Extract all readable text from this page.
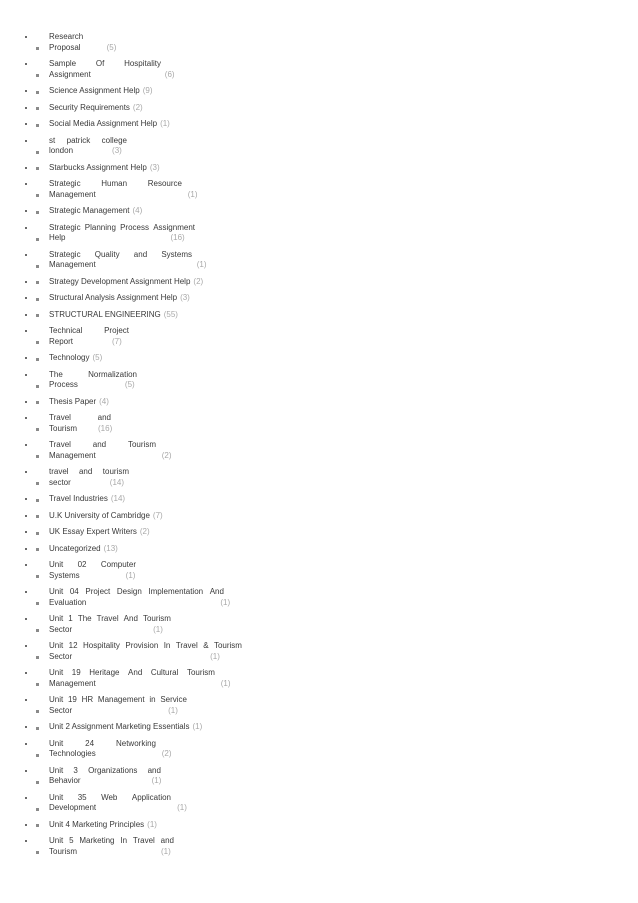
• Research
Proposal	(5)
• Sample Of Hospitality
Assignment	(6)
• Science Assignment Help (9)
• Security Requirements (2)
• Social Media Assignment Help (1)
• st patrick college
london	(3)
• Starbucks Assignment Help (3)
• Strategic	Human	Resource
Management	(1)
• Strategic Management (4)
• Strategic Planning Process Assignment
Help	(16)
• Strategic Quality and Systems
Management	(1)
• Strategy Development Assignment Help (2)
• Structural Analysis Assignment Help (3)
• STRUCTURAL ENGINEERING (55)
• Technical	Project
Report	(7)
• Technology (5)
• The	Normalization
Process	(5)
• Thesis Paper (4)
• Travel	and
Tourism	(16)
• Travel	and	Tourism
Management	(2)
• travel and tourism
sector	(14)
• Travel Industries (14)
• U.K University of Cambridge (7)
• UK Essay Expert Writers (2)
• Uncategorized (13)
• Unit 02 Computer
Systems	(1)
• Unit 04 Project Design Implementation And
Evaluation	(1)
• Unit 1 The Travel And Tourism
Sector	(1)
• Unit 12 Hospitality Provision In Travel & Tourism
Sector	(1)
• Unit 19 Heritage And Cultural Tourism
Management	(1)
• Unit 19 HR Management in Service
Sector	(1)
• Unit 2 Assignment Marketing Essentials (1)
• Unit	24	Networking
Technologies	(2)
• Unit 3 Organizations and
Behavior	(1)
• Unit 35 Web Application
Development	(1)
• Unit 4 Marketing Principles (1)
• Unit 5 Marketing In Travel and
Tourism	(1)
